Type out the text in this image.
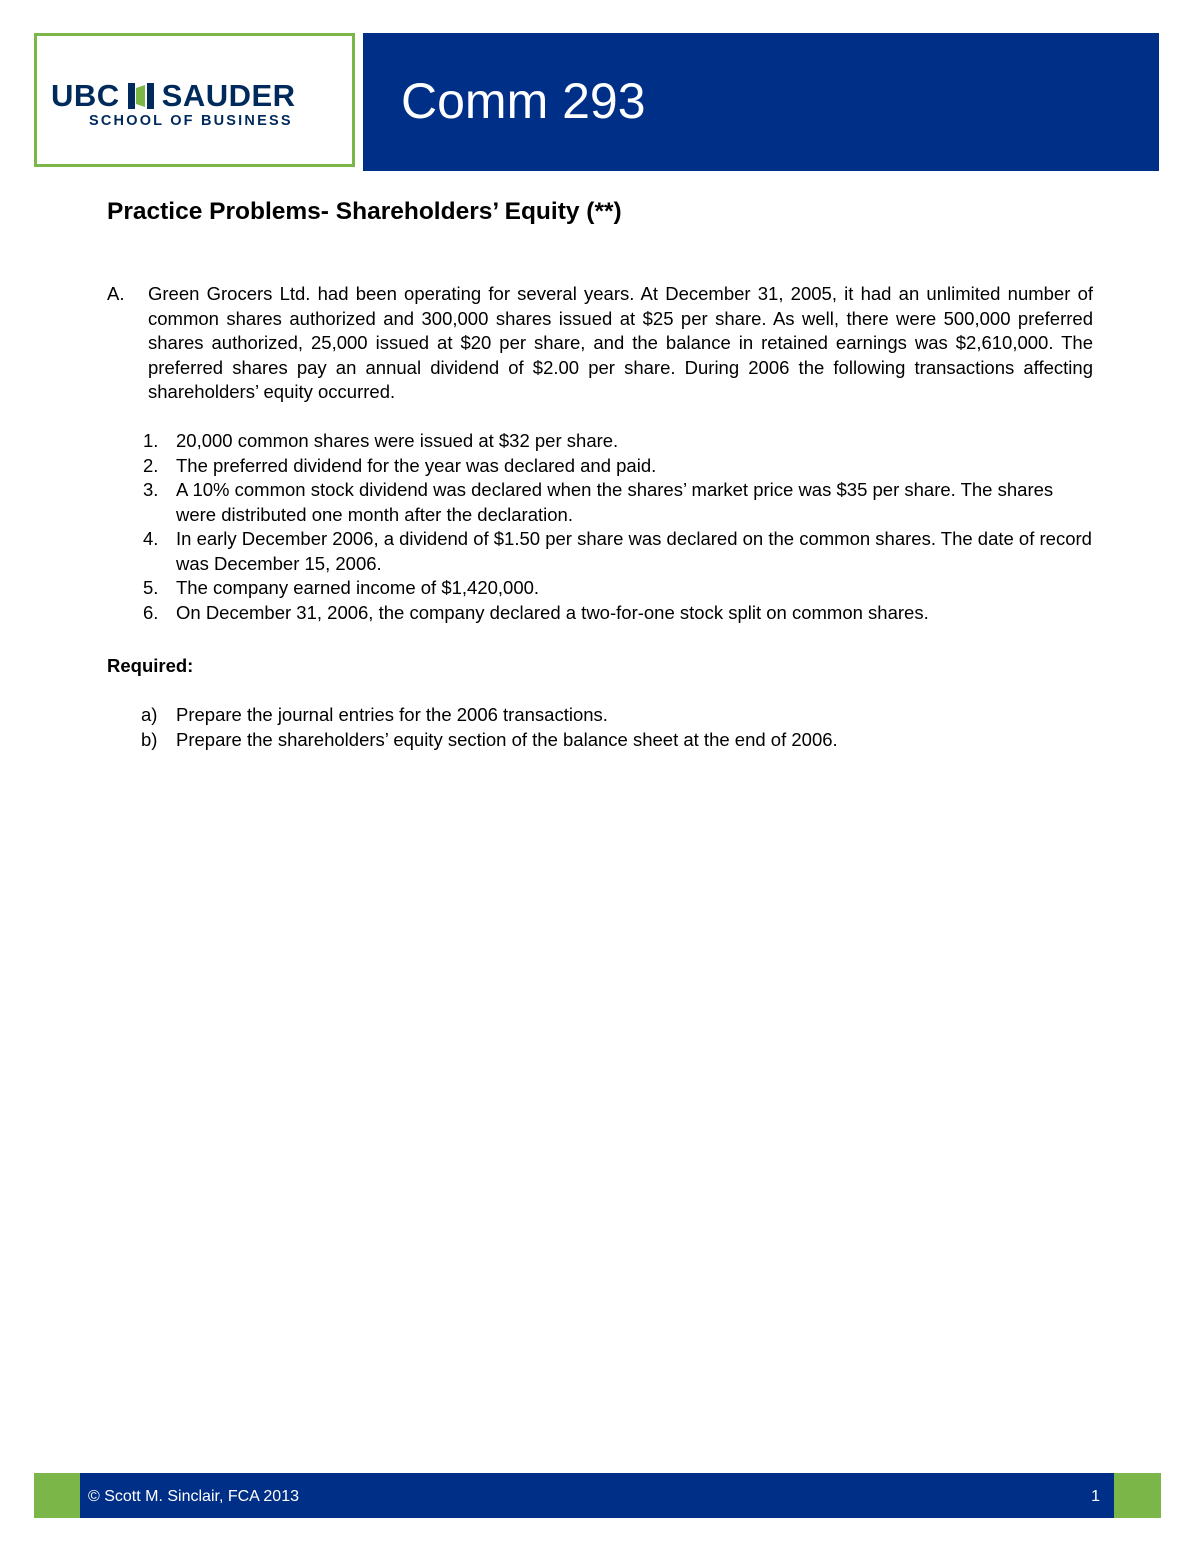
UBC SAUDER
SCHOOL OF BUSINESS Comm 293
Practice Problems- Shareholders’ Equity (**)
A. Green Grocers Ltd. had been operating for several years. At December 31, 2005, it had an unlimited number of common shares authorized and 300,000 shares issued at $25 per share. As well, there were 500,000 preferred shares authorized, 25,000 issued at $20 per share, and the balance in retained earnings was $2,610,000. The preferred shares pay an annual dividend of $2.00 per share. During 2006 the following transactions affecting shareholders’ equity occurred.

1. 20,000 common shares were issued at $32 per share.
2. The preferred dividend for the year was declared and paid.
3. A 10% common stock dividend was declared when the shares’ market price was $35 per share. The shares were distributed one month after the declaration.
4. In early December 2006, a dividend of $1.50 per share was declared on the common shares. The date of record was December 15, 2006.
5. The company earned income of $1,420,000.
6. On December 31, 2006, the company declared a two-for-one stock split on common shares.
Required:
a) Prepare the journal entries for the 2006 transactions.
b) Prepare the shareholders’ equity section of the balance sheet at the end of 2006.
© Scott M. Sinclair, FCA 2013	1
